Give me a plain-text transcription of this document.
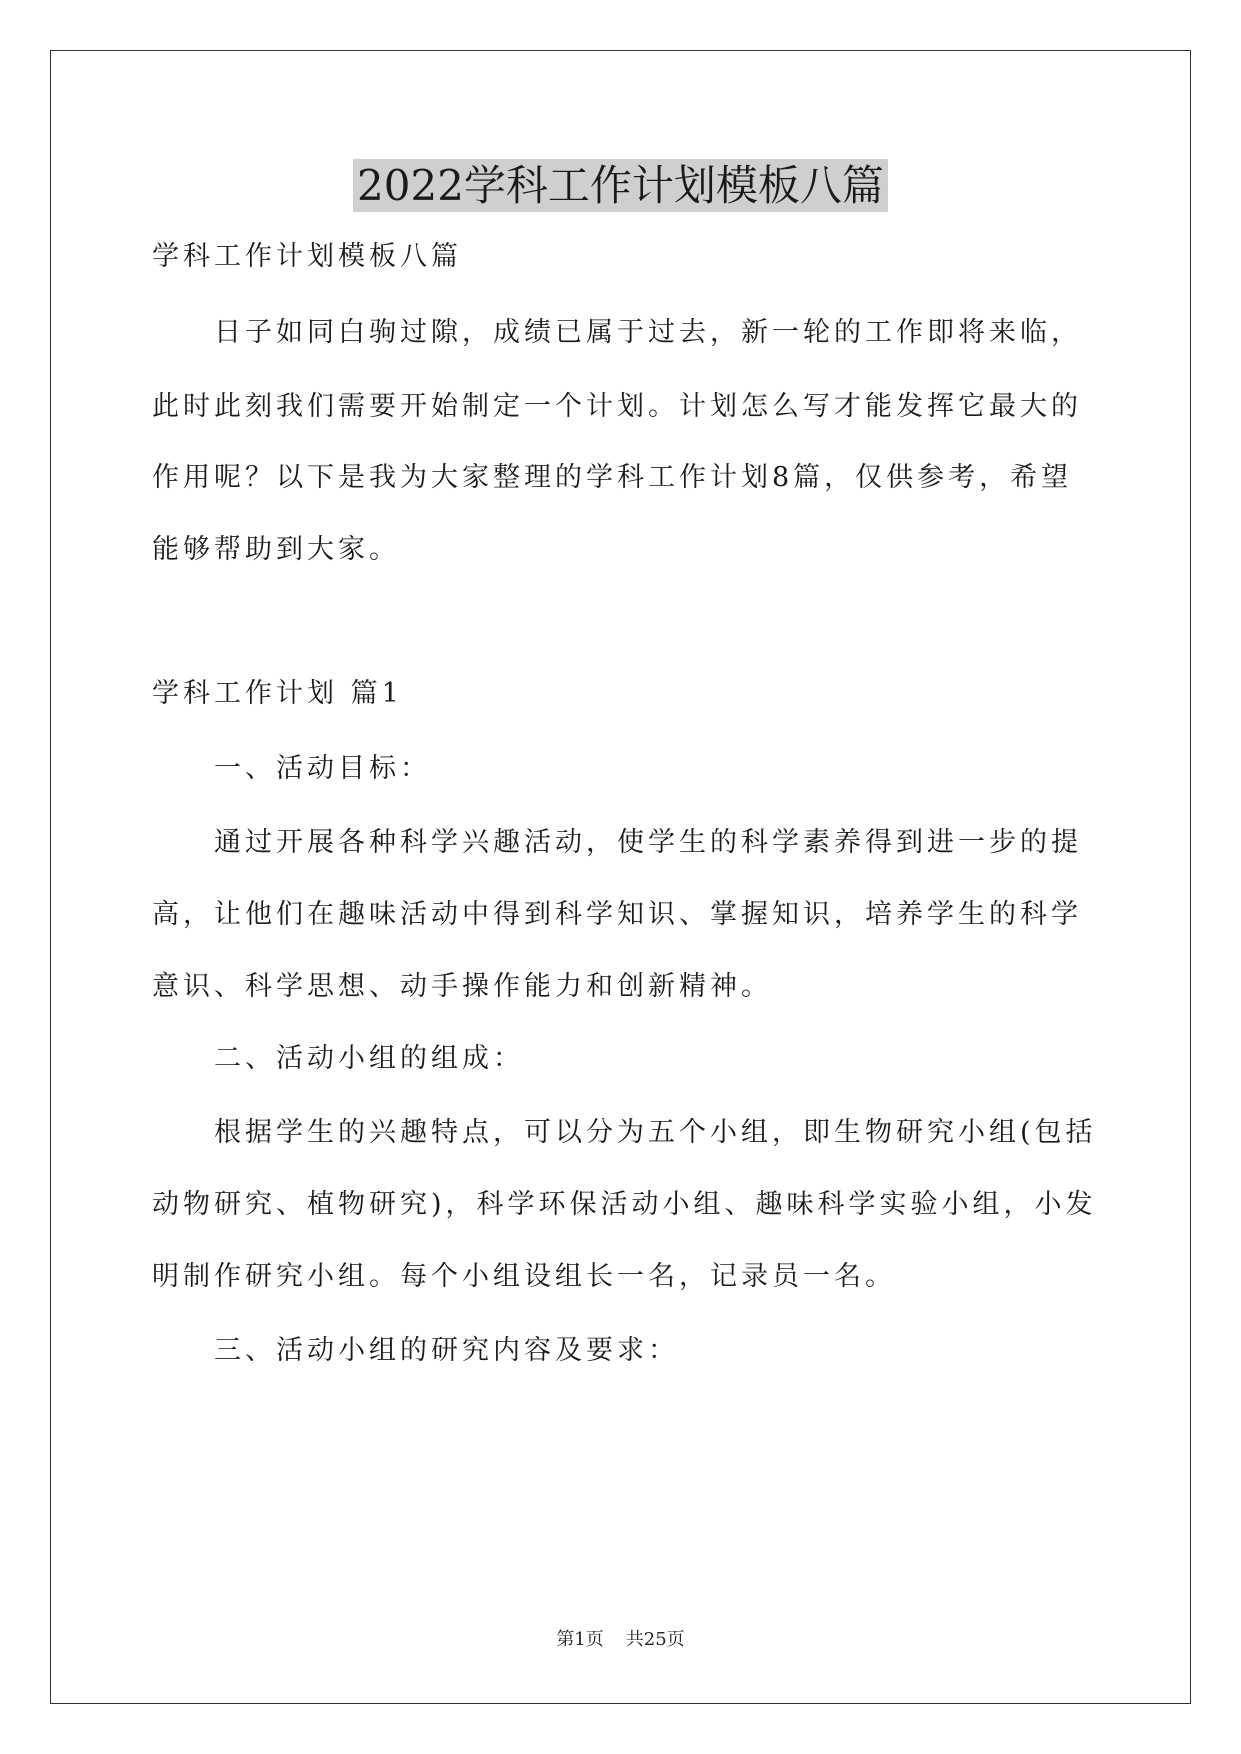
2022学科工作计划模板八篇

学科工作计划模板八篇

日子如同白驹过隙，成绩已属于过去，新一轮的工作即将来临，

此时此刻我们需要开始制定一个计划。计划怎么写才能发挥它最大的

作用呢？以下是我为大家整理的学科工作计划8篇，仅供参考，希望

能够帮助到大家。

学科工作计划 篇1

一、活动目标：

通过开展各种科学兴趣活动，使学生的科学素养得到进一步的提

高，让他们在趣味活动中得到科学知识、掌握知识，培养学生的科学

意识、科学思想、动手操作能力和创新精神。

二、活动小组的组成：

根据学生的兴趣特点，可以分为五个小组，即生物研究小组(包括

动物研究、植物研究)，科学环保活动小组、趣味科学实验小组，小发

明制作研究小组。每个小组设组长一名，记录员一名。

三、活动小组的研究内容及要求：

第1页 共25页
